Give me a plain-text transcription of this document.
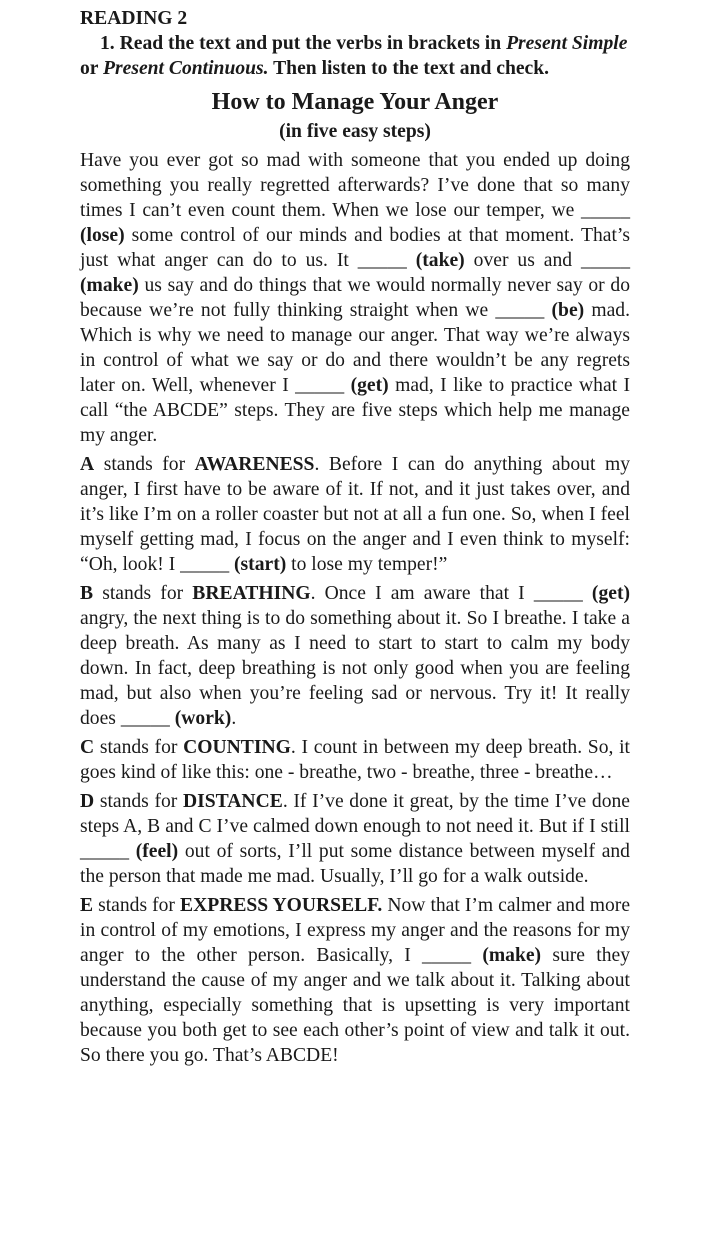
READING 2

1. Read the text and put the verbs in brackets in Present Simple or Present Continuous. Then listen to the text and check.

How to Manage Your Anger
(in five easy steps)

Have you ever got so mad with someone that you ended up doing something you really regretted afterwards? I’ve done that so many times I can’t even count them. When we lose our temper, we _____ (lose) some control of our minds and bodies at that moment. That’s just what anger can do to us. It _____ (take) over us and _____ (make) us say and do things that we would normally never say or do because we’re not fully thinking straight when we _____ (be) mad. Which is why we need to manage our anger. That way we’re always in control of what we say or do and there wouldn’t be any regrets later on. Well, whenever I _____ (get) mad, I like to practice what I call “the ABCDE” steps. They are five steps which help me manage my anger.

A stands for AWARENESS. Before I can do anything about my anger, I first have to be aware of it. If not, and it just takes over, and it’s like I’m on a roller coaster but not at all a fun one. So, when I feel myself getting mad, I focus on the anger and I even think to myself: “Oh, look! I _____ (start) to lose my temper!”

B stands for BREATHING. Once I am aware that I _____ (get) angry, the next thing is to do something about it. So I breathe. I take a deep breath. As many as I need to start to start to calm my body down. In fact, deep breathing is not only good when you are feeling mad, but also when you’re feeling sad or nervous. Try it! It really does _____ (work).

C stands for COUNTING. I count in between my deep breath. So, it goes kind of like this: one - breathe, two - breathe, three - breathe…

D stands for DISTANCE. If I’ve done it great, by the time I’ve done steps A, B and C I’ve calmed down enough to not need it. But if I still _____ (feel) out of sorts, I’ll put some distance between myself and the person that made me mad. Usually, I’ll go for a walk outside.

E stands for EXPRESS YOURSELF. Now that I’m calmer and more in control of my emotions, I express my anger and the reasons for my anger to the other person. Basically, I _____ (make) sure they understand the cause of my anger and we talk about it. Talking about anything, especially something that is upsetting is very important because you both get to see each other’s point of view and talk it out. So there you go. That’s ABCDE!
